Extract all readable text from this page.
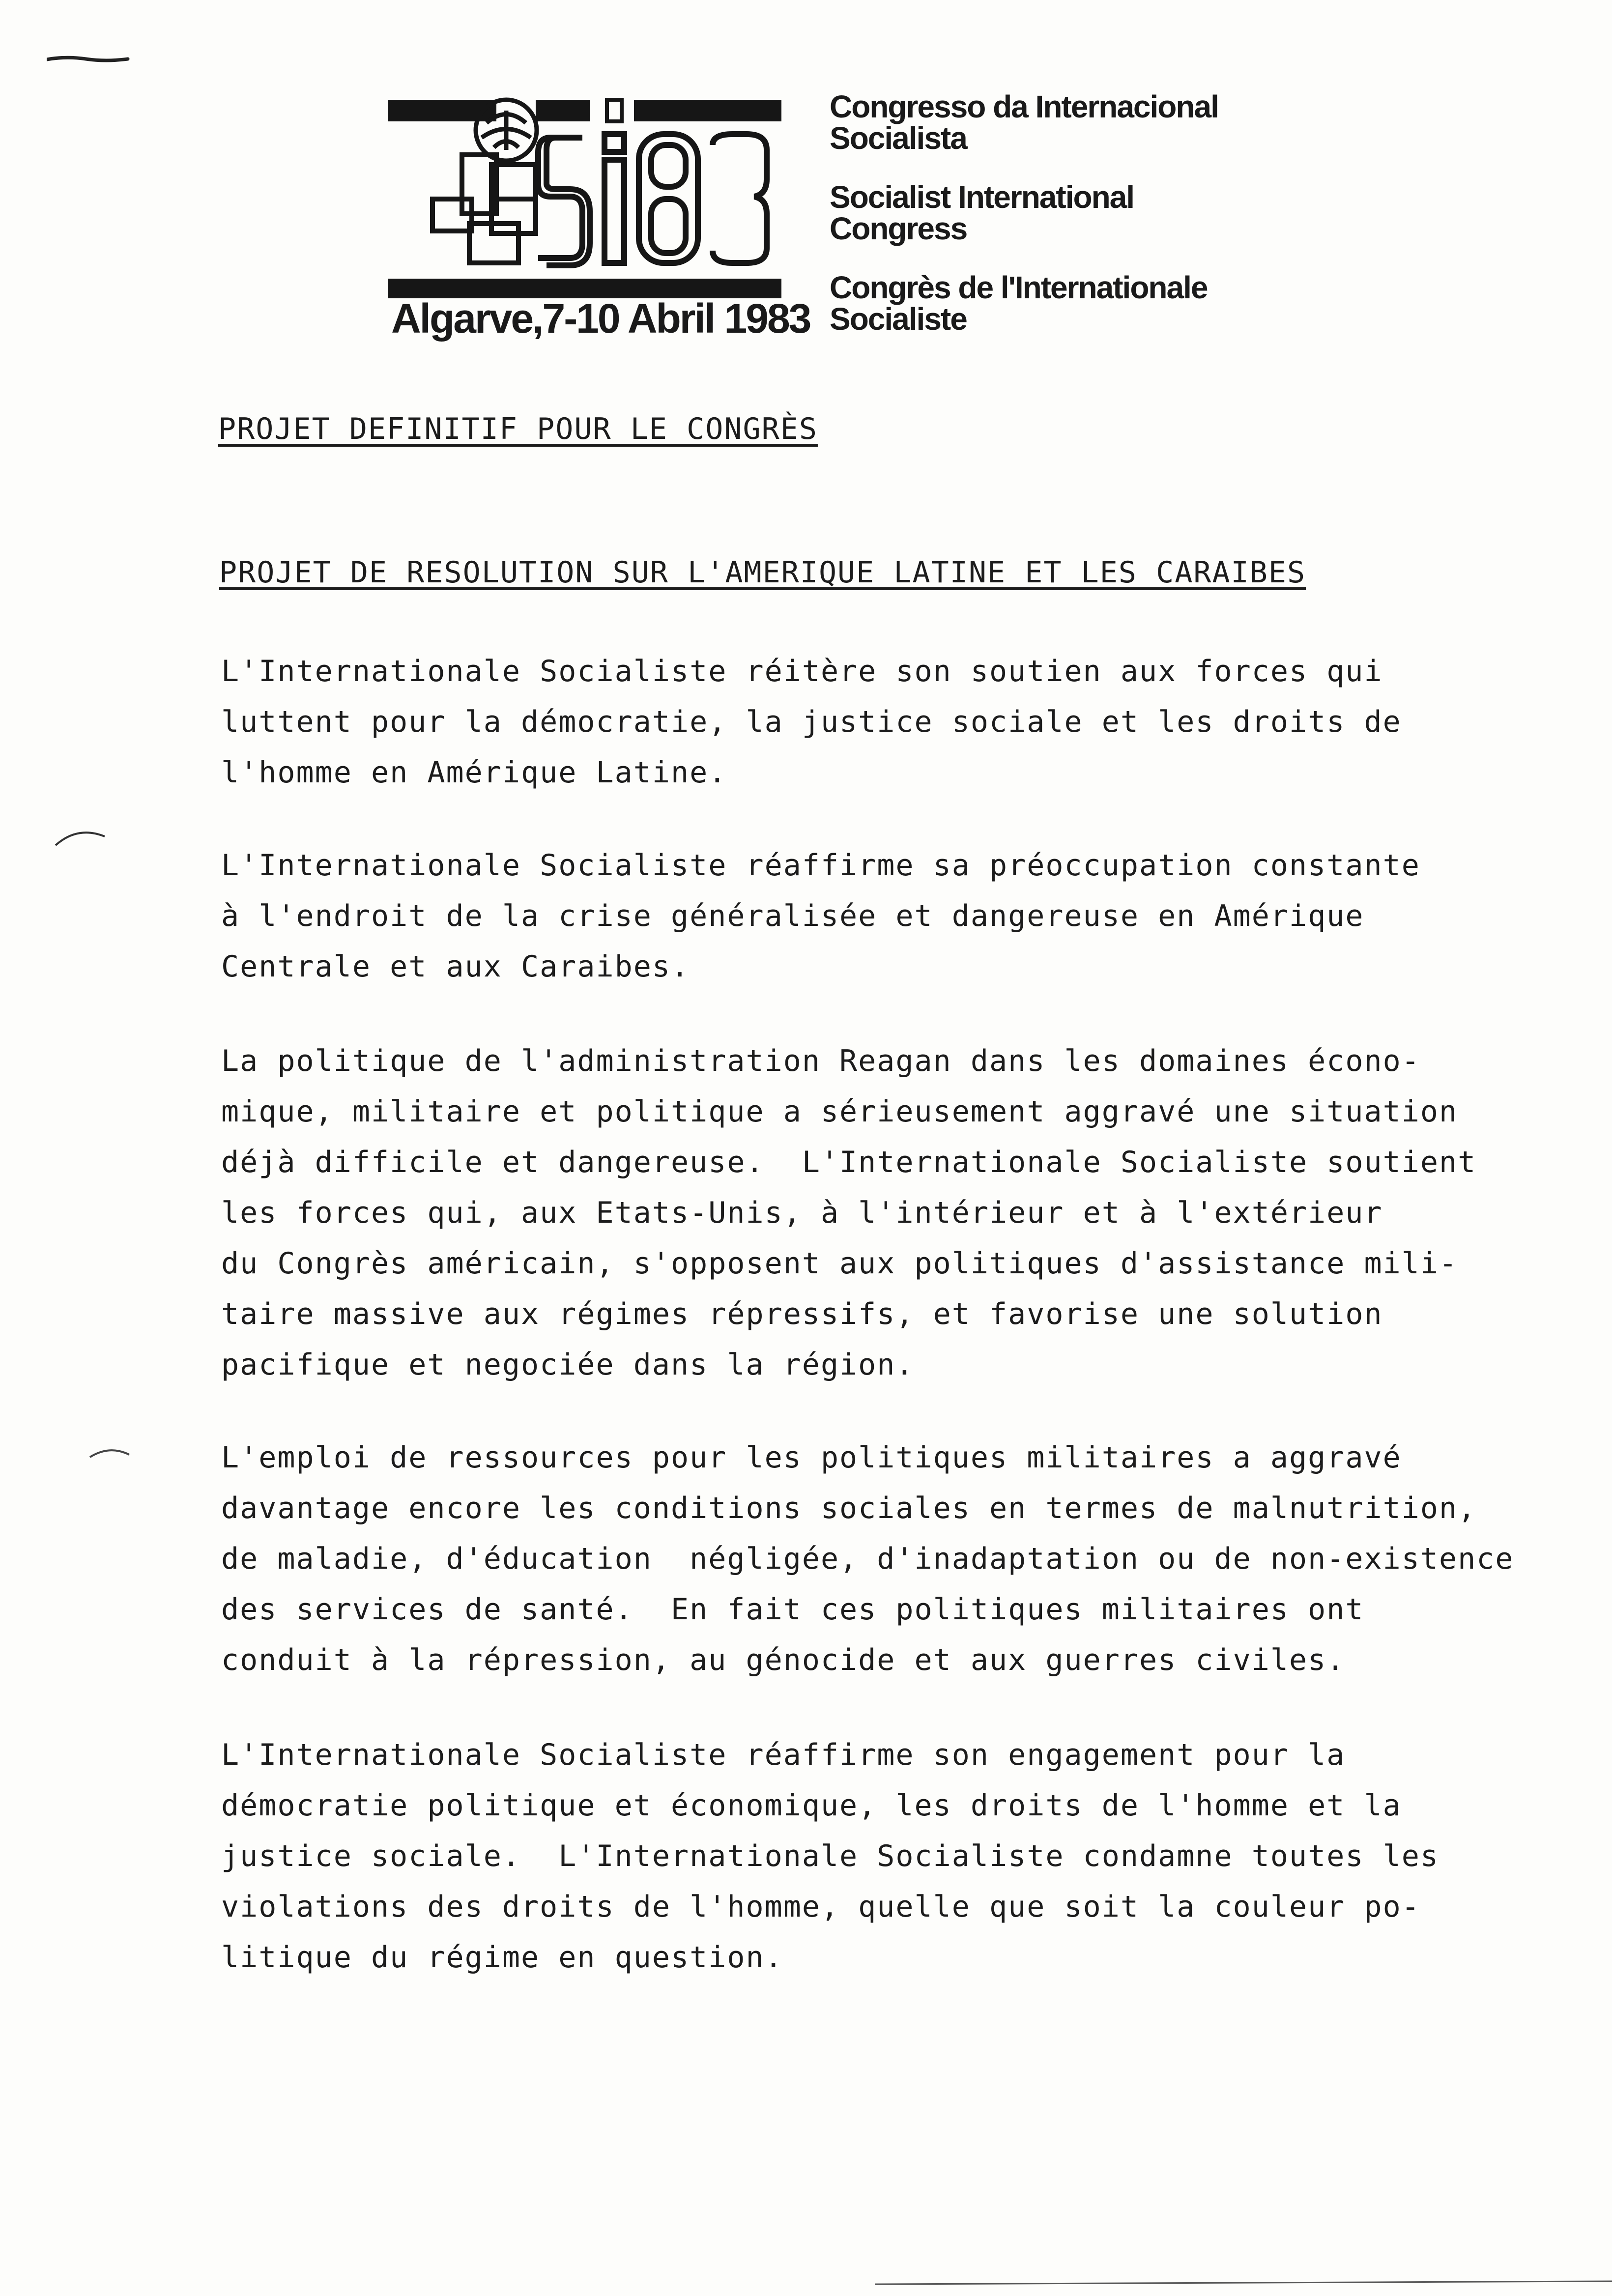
Algarve,7-10 Abril 1983
Congresso da Internacional
Socialista
Socialist International
Congress
Congrès de l'Internationale
Socialiste
PROJET DEFINITIF POUR LE CONGRÈS
PROJET DE RESOLUTION SUR L'AMERIQUE LATINE ET LES CARAIBES
L'Internationale Socialiste réitère son soutien aux forces qui
luttent pour la démocratie, la justice sociale et les droits de
l'homme en Amérique Latine.
L'Internationale Socialiste réaffirme sa préoccupation constante
à l'endroit de la crise généralisée et dangereuse en Amérique
Centrale et aux Caraibes.
La politique de l'administration Reagan dans les domaines écono-
mique, militaire et politique a sérieusement aggravé une situation
déjà difficile et dangereuse.  L'Internationale Socialiste soutient
les forces qui, aux Etats-Unis, à l'intérieur et à l'extérieur
du Congrès américain, s'opposent aux politiques d'assistance mili-
taire massive aux régimes répressifs, et favorise une solution
pacifique et negociée dans la région.
L'emploi de ressources pour les politiques militaires a aggravé
davantage encore les conditions sociales en termes de malnutrition,
de maladie, d'éducation  négligée, d'inadaptation ou de non-existence
des services de santé.  En fait ces politiques militaires ont
conduit à la répression, au génocide et aux guerres civiles.
L'Internationale Socialiste réaffirme son engagement pour la
démocratie politique et économique, les droits de l'homme et la
justice sociale.  L'Internationale Socialiste condamne toutes les
violations des droits de l'homme, quelle que soit la couleur po-
litique du régime en question.
